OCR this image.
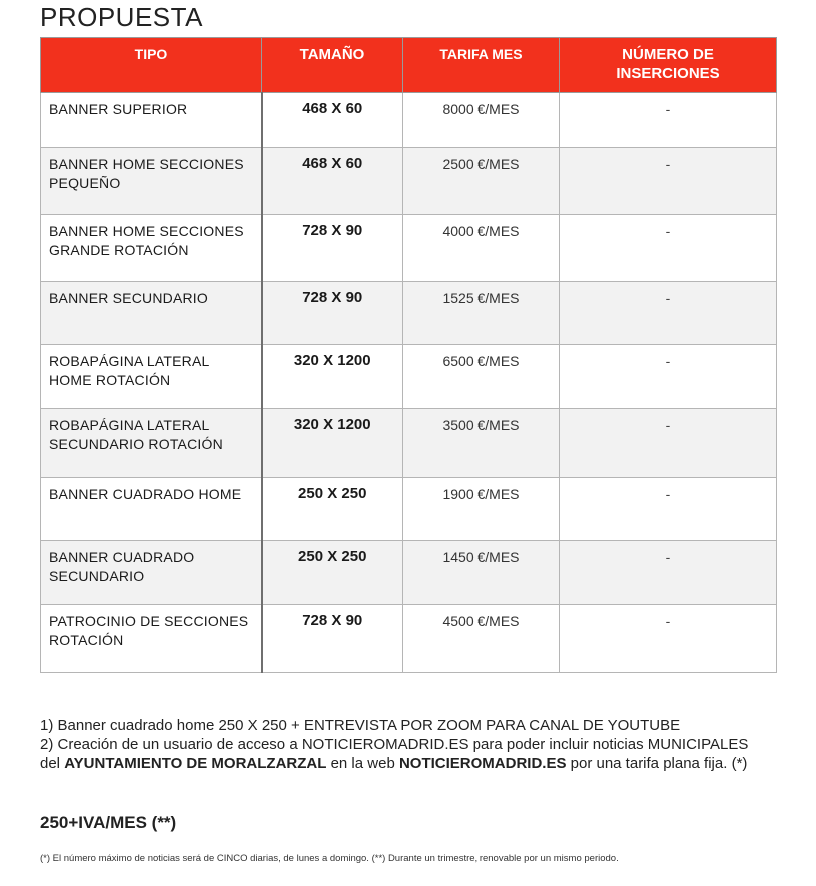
PROPUESTA
TIPO	TAMAÑO	TARIFA MES	NÚMERO DE INSERCIONES
BANNER SUPERIOR	468 X 60	8000 €/MES	-
BANNER HOME SECCIONES PEQUEÑO	468 X 60	2500 €/MES	-
BANNER HOME SECCIONES GRANDE ROTACIÓN	728 X 90	4000 €/MES	-
BANNER SECUNDARIO	728 X 90	1525 €/MES	-
ROBAPÁGINA LATERAL HOME ROTACIÓN	320 X 1200	6500 €/MES	-
ROBAPÁGINA LATERAL SECUNDARIO ROTACIÓN	320 X 1200	3500 €/MES	-
BANNER CUADRADO HOME	250 X 250	1900 €/MES	-
BANNER CUADRADO SECUNDARIO	250 X 250	1450 €/MES	-
PATROCINIO DE SECCIONES ROTACIÓN	728 X 90	4500 €/MES	-
1) Banner cuadrado home 250 X 250 + ENTREVISTA POR ZOOM PARA CANAL DE YOUTUBE
2) Creación de un usuario de acceso a NOTICIEROMADRID.ES para poder incluir noticias MUNICIPALES del AYUNTAMIENTO DE MORALZARZAL en la web NOTICIEROMADRID.ES por una tarifa plana fija. (*)
250+IVA/MES (**)
(*) El número máximo de noticias será de CINCO diarias, de lunes a domingo. (**) Durante un trimestre, renovable por un mismo periodo.
